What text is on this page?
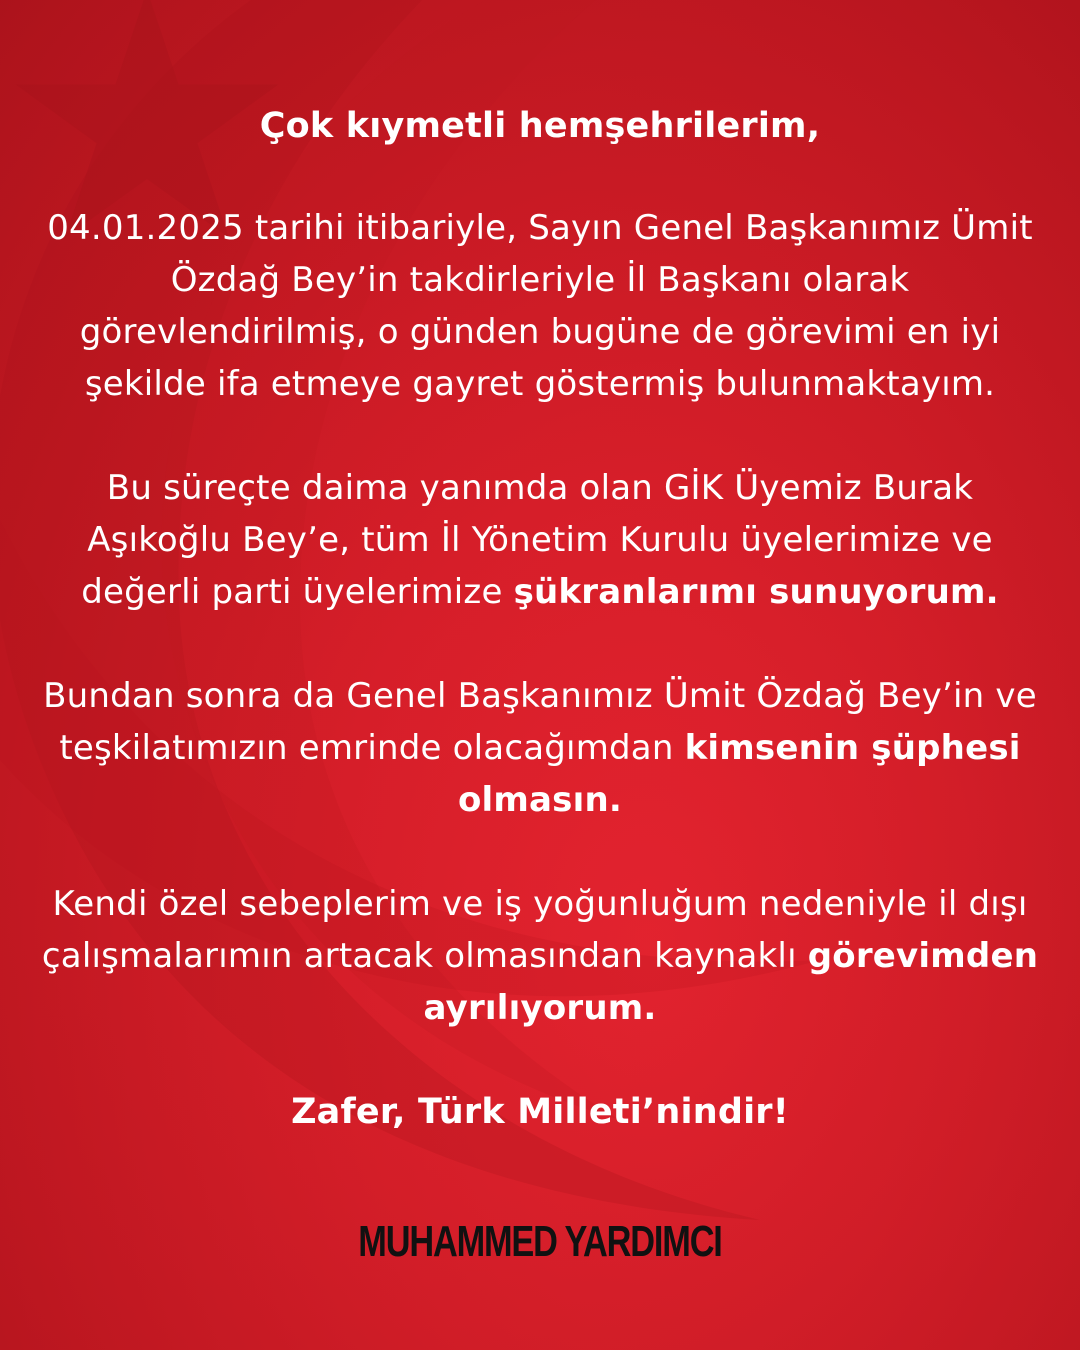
Çok kıymetli hemşehrilerim,
04.01.2025 tarihi itibariyle, Sayın Genel Başkanımız Ümit Özdağ Bey’in takdirleriyle İl Başkanı olarak görevlendirilmiş, o günden bugüne de görevimi en iyi şekilde ifa etmeye gayret göstermiş bulunmaktayım.
Bu süreçte daima yanımda olan GİK Üyemiz Burak Aşıkoğlu Bey’e, tüm İl Yönetim Kurulu üyelerimize ve değerli parti üyelerimize şükranlarımı sunuyorum.
Bundan sonra da Genel Başkanımız Ümit Özdağ Bey’in ve teşkilatımızın emrinde olacağımdan kimsenin şüphesi olmasın.
Kendi özel sebeplerim ve iş yoğunluğum nedeniyle il dışı çalışmalarımın artacak olmasından kaynaklı görevimden ayrılıyorum.
Zafer, Türk Milleti’nindir!
MUHAMMED YARDIMCI
